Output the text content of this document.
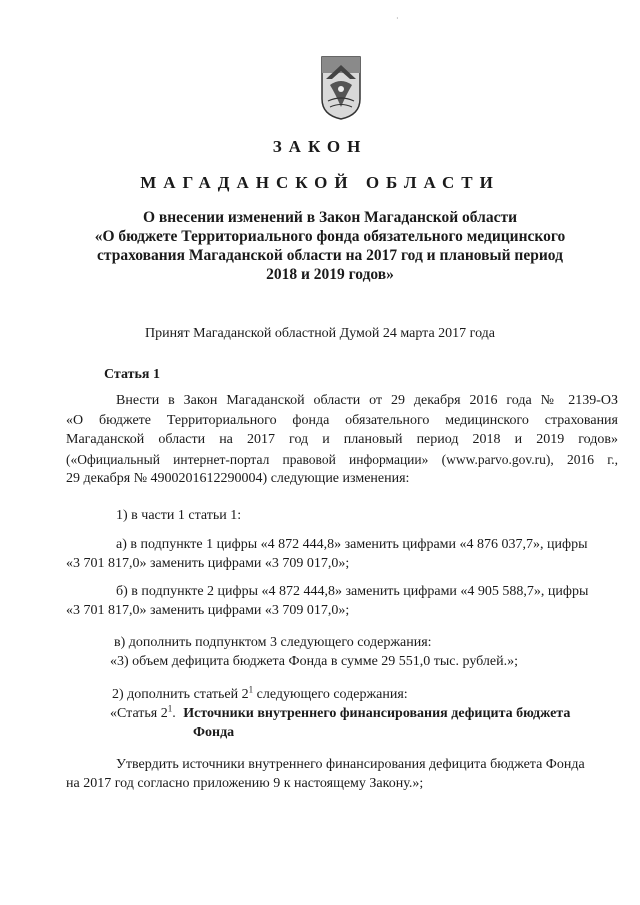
·
ЗАКОН
МАГАДАНСКОЙ ОБЛАСТИ
О внесении изменений в Закон Магаданской области
«О бюджете Территориального фонда обязательного медицинского
страхования Магаданской области на 2017 год и плановый период
2018 и 2019 годов»
Принят Магаданской областной Думой 24 марта 2017 года
Статья 1
Внести в Закон Магаданской области от 29 декабря 2016 года № 2139-ОЗ
«О бюджете Территориального фонда обязательного медицинского страхования
Магаданской области на 2017 год и плановый период 2018 и 2019 годов»
(«Официальный интернет-портал правовой информации» (www.parvo.gov.ru), 2016 г.,
29 декабря № 4900201612290004) следующие изменения:
1) в части 1 статьи 1:
а) в подпункте 1 цифры «4 872 444,8» заменить цифрами «4 876 037,7», цифры
«3 701 817,0» заменить цифрами «3 709 017,0»;
б) в подпункте 2 цифры «4 872 444,8» заменить цифрами «4 905 588,7», цифры
«3 701 817,0» заменить цифрами «3 709 017,0»;
в) дополнить подпунктом 3 следующего содержания:
«3) объем дефицита бюджета Фонда в сумме 29 551,0 тыс. рублей.»;
2) дополнить статьей $2^1$ следующего содержания:
«Статья $2^1$. Источники внутреннего финансирования дефицита бюджета
Фонда
Утвердить источники внутреннего финансирования дефицита бюджета Фонда
на 2017 год согласно приложению 9 к настоящему Закону.»;
